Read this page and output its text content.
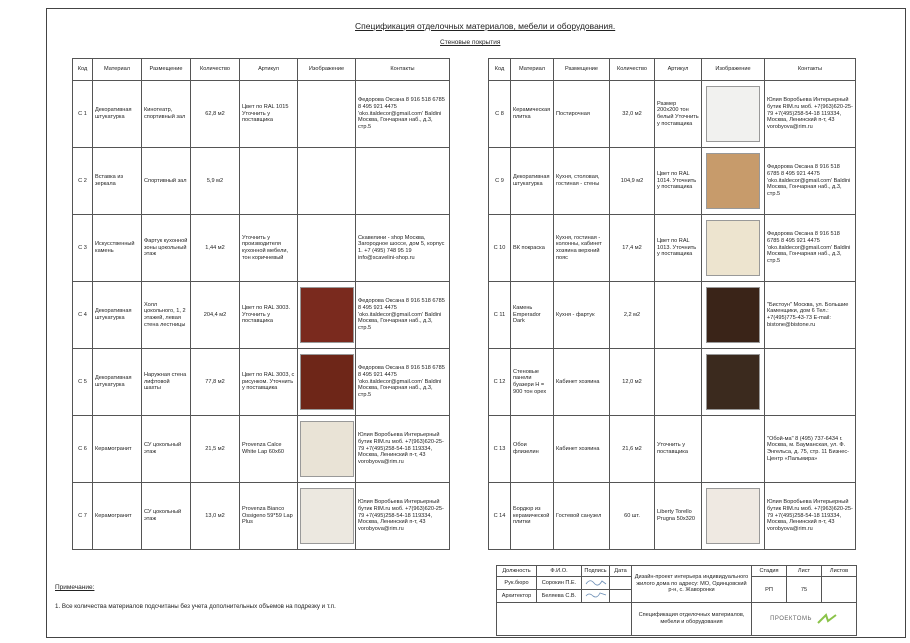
Спецификация отделочных материалов, мебели и оборудования.
Стеновые покрытия
Код	Материал	Размещение	Количество	Артикул	Изображение	Контакты
С 1	Декоративная штукатурка	Кинотеатр, спортивный зал	62,8 м2	Цвет по RAL 1015 Уточнить у поставщика		Федорова Оксана 8 916 518 6785 8 495 921 4475 'oko.italdecor@gmail.com' Baldini Москва, Гончарная наб., д.3, стр.5
С 2	Вставка из зеркала	Спортивный зал	5,9 м2			
С 3	Искусственный камень	Фартук кухонной зоны цокольный этаж	1,44 м2	Уточнить у производителя кухонной мебели, тон коричневый		Скавелини - shop Москва, Загородное шоссе, дом 5, корпус 1. +7 (495) 748 95 19 info@scavelini-shop.ru
С 4	Декоративная штукатурка	Холл цокольного, 1, 2 этажей, левая стена лестницы	204,4 м2	Цвет по RAL 3003. Уточнить у поставщика		Федорова Оксана 8 916 518 6785 8 495 921 4475 'oko.italdecor@gmail.com' Baldini Москва, Гончарная наб., д.3, стр.5
С 5	Декоративная штукатурка	Наружная стена лифтовой шахты	77,8 м2	Цвет по RAL 3003, с рисунком. Уточнить у поставщика		Федорова Оксана 8 916 518 6785 8 495 921 4475 'oko.italdecor@gmail.com' Baldini Москва, Гончарная наб., д.3, стр.5
С 6	Керамогранит	СУ цокольный этаж	21,5 м2	Provenza Calce White Lap 60x60		Юлия Воробьева Интерьерный бутик RIM.ru моб. +7(963)620-25-79 +7(495)258-54-18 119334, Москва, Ленинский п-т, 43 vorobyova@rim.ru
С 7	Керамогранит	СУ цокольный этаж	13,0 м2	Provenza Bianco Ossigeno 59*59 Lap Plus		Юлия Воробьева Интерьерный бутик RIM.ru моб. +7(963)620-25-79 +7(495)258-54-18 119334, Москва, Ленинский п-т, 43 vorobyova@rim.ru
Код	Материал	Размещение	Количество	Артикул	Изображение	Контакты
С 8	Керамическая плитка	Постирочная	32,0 м2	Размер 200x200 тон белый Уточнить у поставщика		Юлия Воробьева Интерьерный бутик RIM.ru моб. +7(963)620-25-79 +7(495)258-54-18 119334, Москва, Ленинский п-т, 43 vorobyova@rim.ru
С 9	Декоративная штукатурка	Кухня, столовая, гостиная - стены	104,9 м2	Цвет по RAL 1014. Уточнить у поставщика		Федорова Оксана 8 916 518 6785 8 495 921 4475 'oko.italdecor@gmail.com' Baldini Москва, Гончарная наб., д.3, стр.5
С 10	ВК покраска	Кухня, гостиная - колонны, кабинет хозяина верхний пояс	17,4 м2	Цвет по RAL 1013. Уточнить у поставщика		Федорова Оксана 8 916 518 6785 8 495 921 4475 'oko.italdecor@gmail.com' Baldini Москва, Гончарная наб., д.3, стр.5
С 11	Камень Emperador Dark	Кухня - фартук	2,2 м2			"Бистоун" Москва, ул. Большие Каменщики, дом 6 Тел.: +7(495)775-43-73 E-mail: bistone@bistone.ru
С 12	Стеновые панели буазери H = 900 тон орех	Кабинет хозяина	12,0 м2		

С 13	Обои флизелин	Кабинет хозяина	21,6 м2	Уточнить у поставщика		"Обой-ма" 8 (495) 737-6434 г. Москва, м. Бауманская, ул. Ф. Энгельса, д. 75, стр. 11 Бизнес-Центр «Пальмира»
С 14	Бордюр из керамической плитки	Гостевой санузел	60 шт.	Liberty Torello Prugna 50x320		Юлия Воробьева Интерьерный бутик RIM.ru моб. +7(963)620-25-79 +7(495)258-54-18 119334, Москва, Ленинский п-т, 43 vorobyova@rim.ru
Примечание:
1. Все количества материалов подсчитаны без учета дополнительных объемов на подрезку и т.п.
Должность	Ф.И.О.	Подпись	Дата	Дизайн-проект интерьера индивидуального жилого дома по адресу: МО, Одинцовский р-н, с. Жаворонки	Стадия	Лист	Листов
Рук.бюро	Сорокин П.Е.				РП	75	
Архитектор	Беляева С.В.		
				Спецификация отделочных материалов, мебели и оборудования	ПРОЕКТОМЬ		
